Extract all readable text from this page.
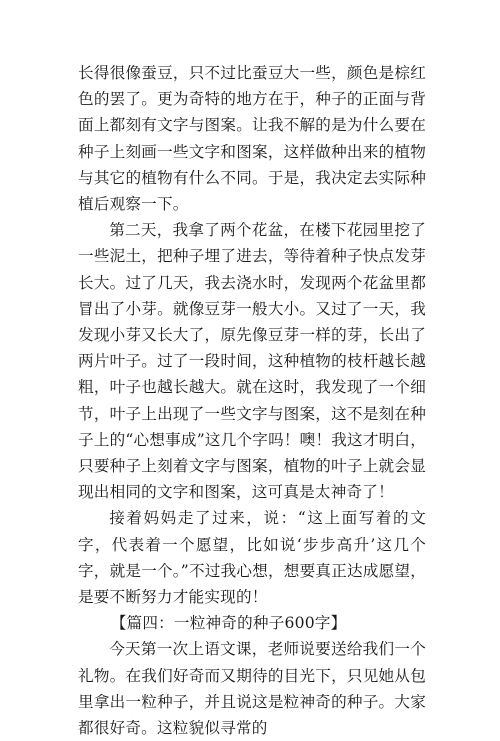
长得很像蚕豆，只不过比蚕豆大一些，颜色是棕红色的罢了。更为奇特的地方在于，种子的正面与背面上都刻有文字与图案。让我不解的是为什么要在种子上刻画一些文字和图案，这样做种出来的植物与其它的植物有什么不同。于是，我决定去实际种植后观察一下。

第二天，我拿了两个花盆，在楼下花园里挖了一些泥土，把种子埋了进去，等待着种子快点发芽长大。过了几天，我去浇水时，发现两个花盆里都冒出了小芽。就像豆芽一般大小。又过了一天，我发现小芽又长大了，原先像豆芽一样的芽，长出了两片叶子。过了一段时间，这种植物的枝杆越长越粗，叶子也越长越大。就在这时，我发现了一个细节，叶子上出现了一些文字与图案，这不是刻在种子上的“心想事成”这几个字吗！噢！我这才明白，只要种子上刻着文字与图案，植物的叶子上就会显现出相同的文字和图案，这可真是太神奇了！

接着妈妈走了过来，说：“这上面写着的文字，代表着一个愿望，比如说‘步步高升’这几个字，就是一个。”不过我心想，想要真正达成愿望，是要不断努力才能实现的！

【篇四：一粒神奇的种子600字】

今天第一次上语文课，老师说要送给我们一个礼物。在我们好奇而又期待的目光下，只见她从包里拿出一粒种子，并且说这是粒神奇的种子。大家都很好奇。这粒貌似寻常的
